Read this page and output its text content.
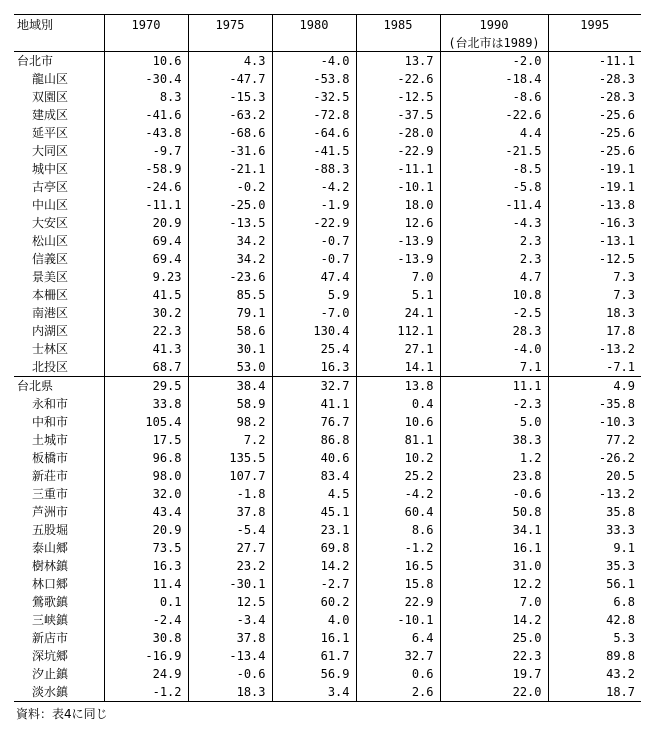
地域別	1970	1975	1980	1985	1990	1995
					(台北市は1989)	
台北市	10.6	4.3	-4.0	13.7	-2.0	-11.1
龍山区	-30.4	-47.7	-53.8	-22.6	-18.4	-28.3
双園区	8.3	-15.3	-32.5	-12.5	-8.6	-28.3
建成区	-41.6	-63.2	-72.8	-37.5	-22.6	-25.6
延平区	-43.8	-68.6	-64.6	-28.0	4.4	-25.6
大同区	-9.7	-31.6	-41.5	-22.9	-21.5	-25.6
城中区	-58.9	-21.1	-88.3	-11.1	-8.5	-19.1
古亭区	-24.6	-0.2	-4.2	-10.1	-5.8	-19.1
中山区	-11.1	-25.0	-1.9	18.0	-11.4	-13.8
大安区	20.9	-13.5	-22.9	12.6	-4.3	-16.3
松山区	69.4	34.2	-0.7	-13.9	2.3	-13.1
信義区	69.4	34.2	-0.7	-13.9	2.3	-12.5
景美区	9.23	-23.6	47.4	7.0	4.7	7.3
本柵区	41.5	85.5	5.9	5.1	10.8	7.3
南港区	30.2	79.1	-7.0	24.1	-2.5	18.3
内湖区	22.3	58.6	130.4	112.1	28.3	17.8
士林区	41.3	30.1	25.4	27.1	-4.0	-13.2
北投区	68.7	53.0	16.3	14.1	7.1	-7.1
台北県	29.5	38.4	32.7	13.8	11.1	4.9
永和市	33.8	58.9	41.1	0.4	-2.3	-35.8
中和市	105.4	98.2	76.7	10.6	5.0	-10.3
土城市	17.5	7.2	86.8	81.1	38.3	77.2
板橋市	96.8	135.5	40.6	10.2	1.2	-26.2
新荘市	98.0	107.7	83.4	25.2	23.8	20.5
三重市	32.0	-1.8	4.5	-4.2	-0.6	-13.2
芦洲市	43.4	37.8	45.1	60.4	50.8	35.8
五股堀	20.9	-5.4	23.1	8.6	34.1	33.3
泰山郷	73.5	27.7	69.8	-1.2	16.1	9.1
樹林鎮	16.3	23.2	14.2	16.5	31.0	35.3
林口郷	11.4	-30.1	-2.7	15.8	12.2	56.1
鶯歌鎮	0.1	12.5	60.2	22.9	7.0	6.8
三峡鎮	-2.4	-3.4	4.0	-10.1	14.2	42.8
新店市	30.8	37.8	16.1	6.4	25.0	5.3
深坑郷	-16.9	-13.4	61.7	32.7	22.3	89.8
汐止鎮	24.9	-0.6	56.9	0.6	19.7	43.2
淡水鎮	-1.2	18.3	3.4	2.6	22.0	18.7
資料：表4に同じ
